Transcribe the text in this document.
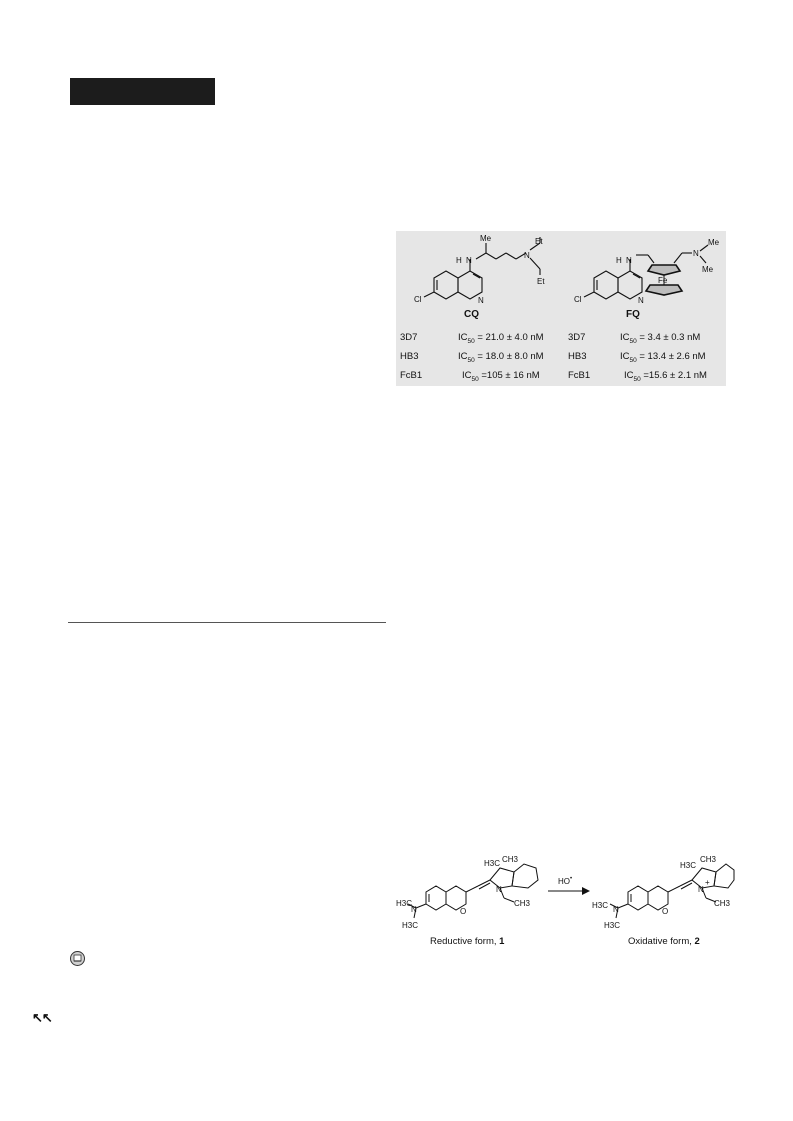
H N
N
Cl
Me
N
Et
Et	Fe
H N
N
Cl
N
Me
Me
CQ	FQ
3D7	$IC_{50} = 21.0 \pm 4.0$ nM
HB3	$IC_{50} = 18.0 \pm 8.0$ nM
FcB1	$IC_{50} =105 \pm 16$ nM
3D7	$IC_{50} = 3.4 \pm 0.3$ nM
HB3	$IC_{50} = 13.4 \pm 2.6$ nM
FcB1	$IC_{50} =15.6 \pm 2.1$ nM
N
H3C
H3C
O
N
H3C CH3
CH3
HO•
N
H3C
H3C
O
N
+
H3C
CH3
CH3
Reductive form, 1	Oxidative form, 2
↖↖
